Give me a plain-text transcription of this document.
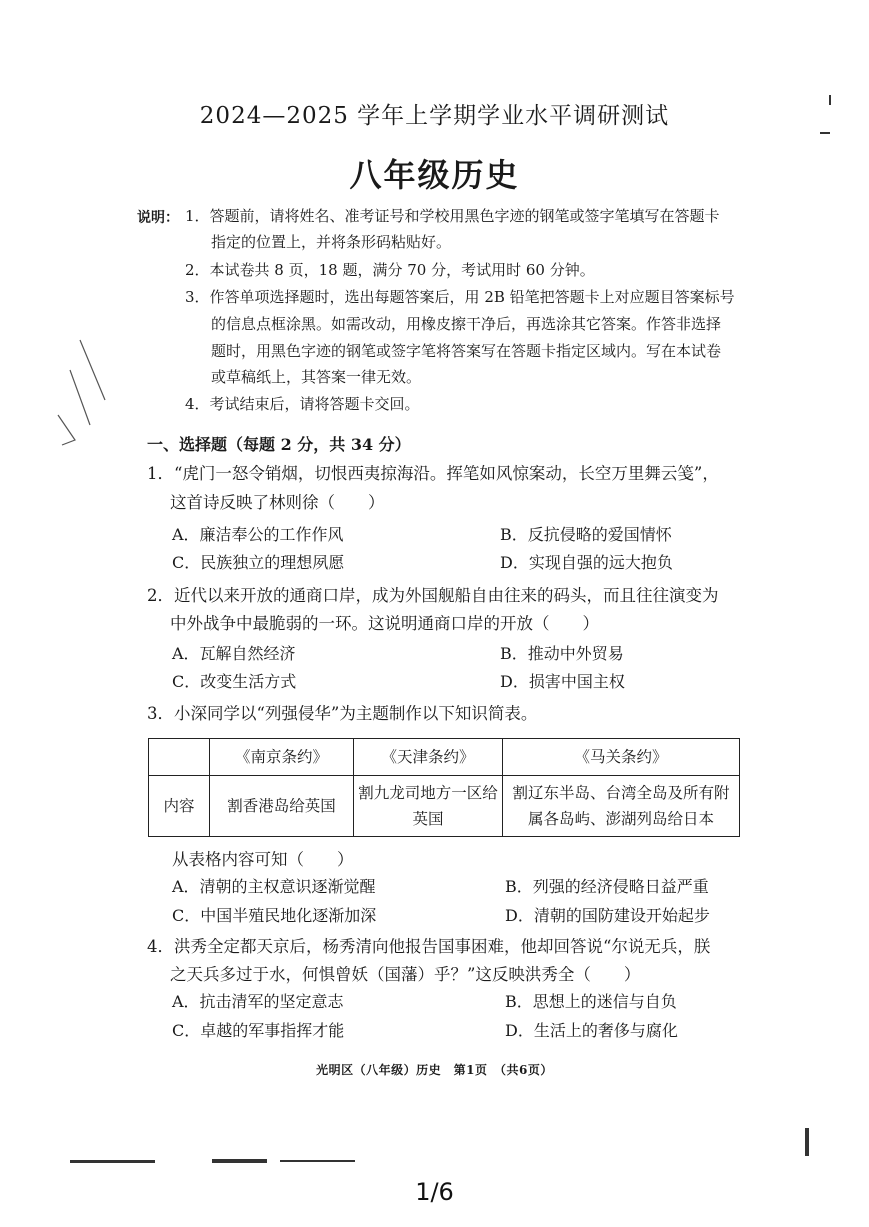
2024—2025 学年上学期学业水平调研测试
八年级历史
说明： 1．答题前，请将姓名、准考证号和学校用黑色字迹的钢笔或签字笔填写在答题卡
指定的位置上，并将条形码粘贴好。
2．本试卷共 8 页，18 题，满分 70 分，考试用时 60 分钟。
3．作答单项选择题时，选出每题答案后，用 2B 铅笔把答题卡上对应题目答案标号
的信息点框涂黑。如需改动，用橡皮擦干净后，再选涂其它答案。作答非选择
题时，用黑色字迹的钢笔或签字笔将答案写在答题卡指定区域内。写在本试卷
或草稿纸上，其答案一律无效。
4．考试结束后，请将答题卡交回。
一、选择题（每题 2 分，共 34 分）
1．“虎门一怒令销烟，切恨西夷掠海沿。挥笔如风惊案动，长空万里舞云笺”，
这首诗反映了林则徐（　　）
A．廉洁奉公的工作作风	B．反抗侵略的爱国情怀
C．民族独立的理想夙愿	D．实现自强的远大抱负
2．近代以来开放的通商口岸，成为外国舰船自由往来的码头，而且往往演变为
中外战争中最脆弱的一环。这说明通商口岸的开放（　　）
A．瓦解自然经济	B．推动中外贸易
C．改变生活方式	D．损害中国主权
3．小深同学以“列强侵华”为主题制作以下知识简表。
	《南京条约》	《天津条约》	《马关条约》
内容	割香港岛给英国	割九龙司地方一区给英国	割辽东半岛、台湾全岛及所有附属各岛屿、澎湖列岛给日本
从表格内容可知（　　）
A．清朝的主权意识逐渐觉醒	B．列强的经济侵略日益严重
C．中国半殖民地化逐渐加深	D．清朝的国防建设开始起步
4．洪秀全定都天京后，杨秀清向他报告国事困难，他却回答说“尔说无兵，朕
之天兵多过于水，何惧曾妖（国藩）乎？”这反映洪秀全（　　）
A．抗击清军的坚定意志	B．思想上的迷信与自负
C．卓越的军事指挥才能	D．生活上的奢侈与腐化
光明区（八年级）历史　第1页　（共6页）
1/6
